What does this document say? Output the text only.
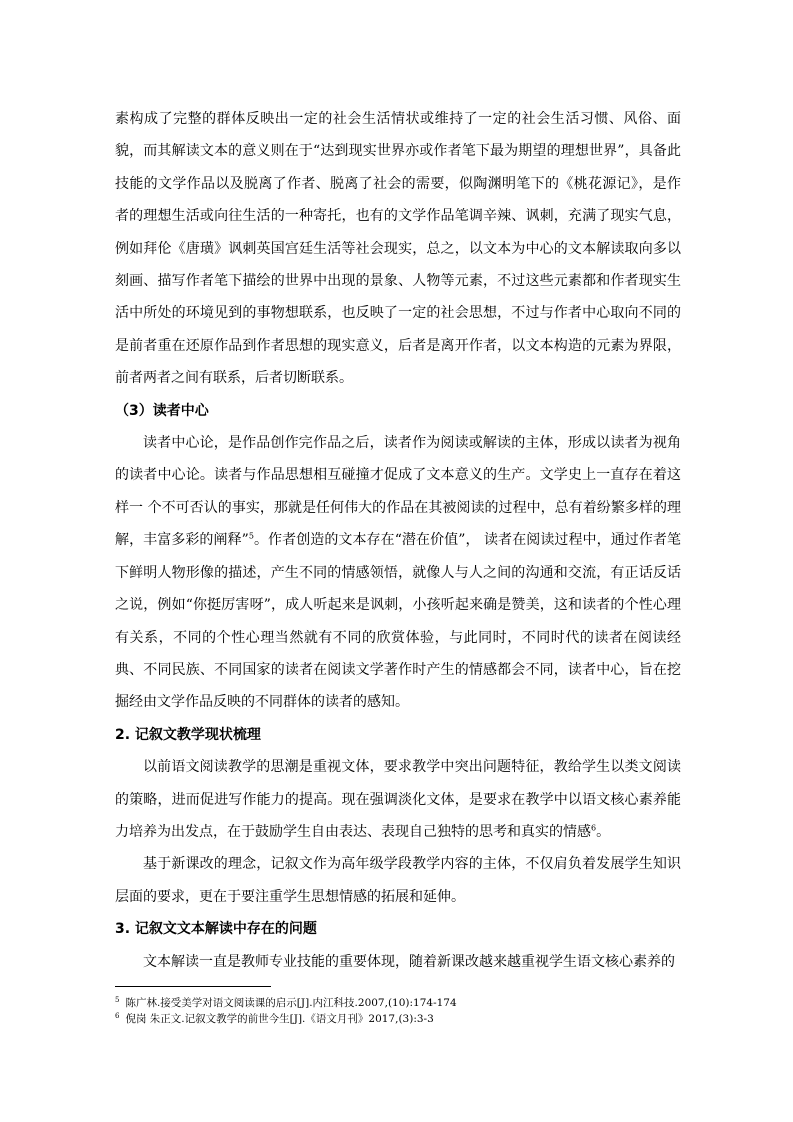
素构成了完整的群体反映出一定的社会生活情状或维持了一定的社会生活习惯、风俗、面貌，而其解读文本的意义则在于“达到现实世界亦或作者笔下最为期望的理想世界”，具备此技能的文学作品以及脱离了作者、脱离了社会的需要，似陶渊明笔下的《桃花源记》，是作者的理想生活或向往生活的一种寄托，也有的文学作品笔调辛辣、讽刺，充满了现实气息，例如拜伦《唐璜》讽刺英国宫廷生活等社会现实，总之，以文本为中心的文本解读取向多以刻画、描写作者笔下描绘的世界中出现的景象、人物等元素，不过这些元素都和作者现实生活中所处的环境见到的事物想联系，也反映了一定的社会思想，不过与作者中心取向不同的是前者重在还原作品到作者思想的现实意义，后者是离开作者，以文本构造的元素为界限，前者两者之间有联系，后者切断联系。

（3）读者中心

读者中心论，是作品创作完作品之后，读者作为阅读或解读的主体，形成以读者为视角的读者中心论。读者与作品思想相互碰撞才促成了文本意义的生产。文学史上一直存在着这样一 个不可否认的事实，那就是任何伟大的作品在其被阅读的过程中，总有着纷繁多样的理解，丰富多彩的阐释”$^5$。作者创造的文本存在“潜在价值”， 读者在阅读过程中，通过作者笔下鲜明人物形像的描述，产生不同的情感领悟，就像人与人之间的沟通和交流，有正话反话之说，例如“你挺厉害呀”，成人听起来是讽刺，小孩听起来确是赞美，这和读者的个性心理有关系，不同的个性心理当然就有不同的欣赏体验，与此同时，不同时代的读者在阅读经典、不同民族、不同国家的读者在阅读文学著作时产生的情感都会不同，读者中心，旨在挖掘经由文学作品反映的不同群体的读者的感知。

2. 记叙文教学现状梳理

以前语文阅读教学的思潮是重视文体，要求教学中突出问题特征，教给学生以类文阅读的策略，进而促进写作能力的提高。现在强调淡化文体，是要求在教学中以语文核心素养能力培养为出发点，在于鼓励学生自由表达、表现自己独特的思考和真实的情感$^6$。

基于新课改的理念，记叙文作为高年级学段教学内容的主体，不仅肩负着发展学生知识层面的要求，更在于要注重学生思想情感的拓展和延伸。

3. 记叙文文本解读中存在的问题

文本解读一直是教师专业技能的重要体现，随着新课改越来越重视学生语文核心素养的

$^5$ 陈广林.接受美学对语文阅读课的启示[J].内江科技.2007,(10):174-174

$^6$ 倪岗 朱正文.记叙文教学的前世今生[J].《语文月刊》2017,(3):3-3
